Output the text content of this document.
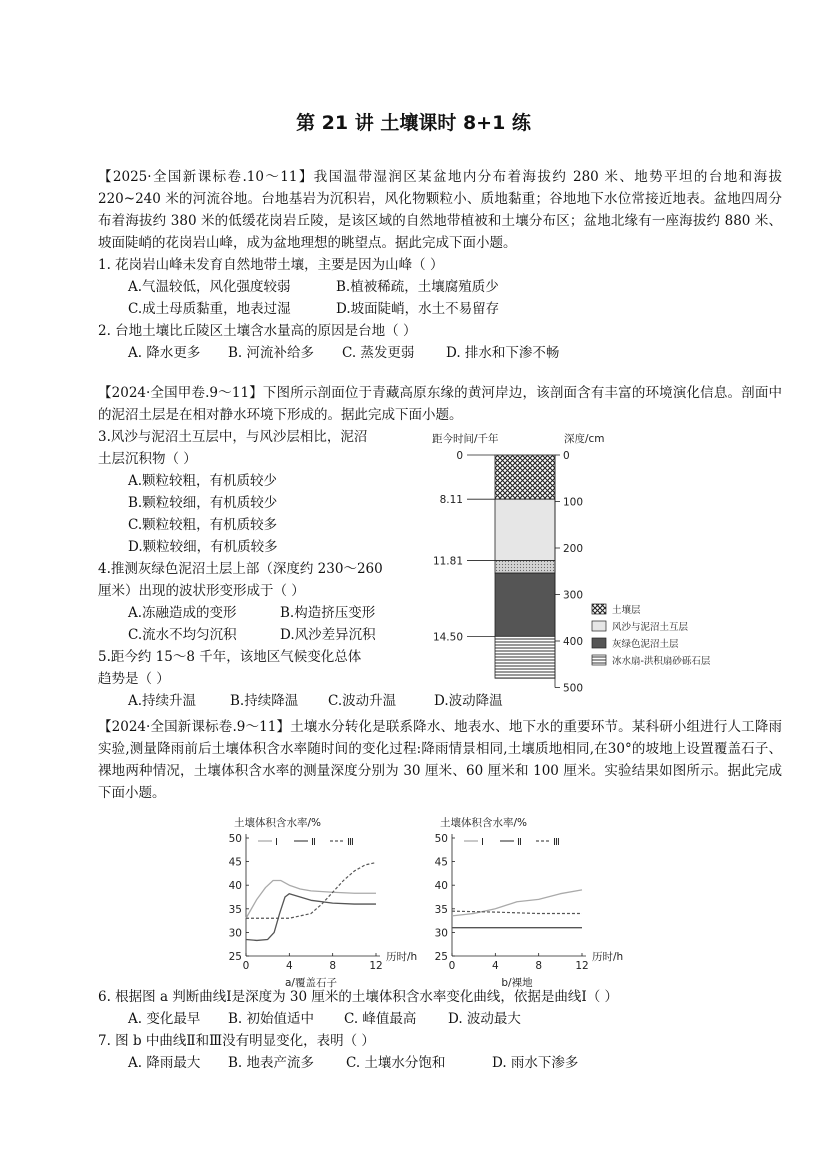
第 21 讲 土壤课时 8+1 练
【2025·全国新课标卷.10～11】我国温带湿润区某盆地内分布着海拔约 280 米、地势平坦的台地和海拔 220~240 米的河流谷地。台地基岩为沉积岩，风化物颗粒小、质地黏重；谷地地下水位常接近地表。盆地四周分布着海拔约 380 米的低缓花岗岩丘陵，是该区域的自然地带植被和土壤分布区；盆地北缘有一座海拔约 880 米、坡面陡峭的花岗岩山峰，成为盆地理想的眺望点。据此完成下面小题。
1. 花岗岩山峰未发育自然地带土壤，主要是因为山峰（ ）
A.气温较低，风化强度较弱	B.植被稀疏，土壤腐殖质少
C.成土母质黏重，地表过湿	D.坡面陡峭，水土不易留存
2. 台地土壤比丘陵区土壤含水量高的原因是台地（ ）
A. 降水更多 B. 河流补给多 C. 蒸发更弱 D. 排水和下渗不畅
【2024·全国甲卷.9～11】下图所示剖面位于青藏高原东缘的黄河岸边，该剖面含有丰富的环境演化信息。剖面中的泥沼土层是在相对静水环境下形成的。据此完成下面小题。
3.风沙与泥沼土互层中，与风沙层相比，泥沼
土层沉积物（ ）
A.颗粒较粗，有机质较少
B.颗粒较细，有机质较少
C.颗粒较粗，有机质较多
D.颗粒较细，有机质较多
4.推测灰绿色泥沼土层上部（深度约 230～260
厘米）出现的波状形变形成于（ ）
A.冻融造成的变形	B.构造挤压变形
C.流水不均匀沉积	D.风沙差异沉积
5.距今约 15～8 千年，该地区气候变化总体
趋势是（ ）
A.持续升温	B.持续降温 C.波动升温	D.波动降温
距今时间/千年	深度/cm
0
100
200
300
400
500
0
8.11
11.81
14.50
土壤层
风沙与泥沼土互层
灰绿色泥沼土层
冰水扇-洪积扇砂砾石层
【2024·全国新课标卷.9～11】土壤水分转化是联系降水、地表水、地下水的重要环节。某科研小组进行人工降雨实验,测量降雨前后土壤体积含水率随时间的变化过程:降雨情景相同,土壤质地相同,在30°的坡地上设置覆盖石子、裸地两种情况，土壤体积含水率的测量深度分别为 30 厘米、60 厘米和 100 厘米。实验结果如图所示。据此完成下面小题。
土壤体积含水率/%
25
30
35
40
45
50
0	4	8	12
历时/h
a/覆盖石子
Ⅰ	Ⅱ	Ⅲ
土壤体积含水率/%
25
30
35
40
45
50
0	4	8	12
历时/h
b/裸地
Ⅰ	Ⅱ	Ⅲ
6. 根据图 a 判断曲线Ⅰ是深度为 30 厘米的土壤体积含水率变化曲线，依据是曲线Ⅰ（ ）
A. 变化最早 B. 初始值适中 C. 峰值最高 D. 波动最大
7. 图 b 中曲线Ⅱ和Ⅲ没有明显变化，表明（ ）
A. 降雨最大 B. 地表产流多 C. 土壤水分饱和	D. 雨水下渗多
